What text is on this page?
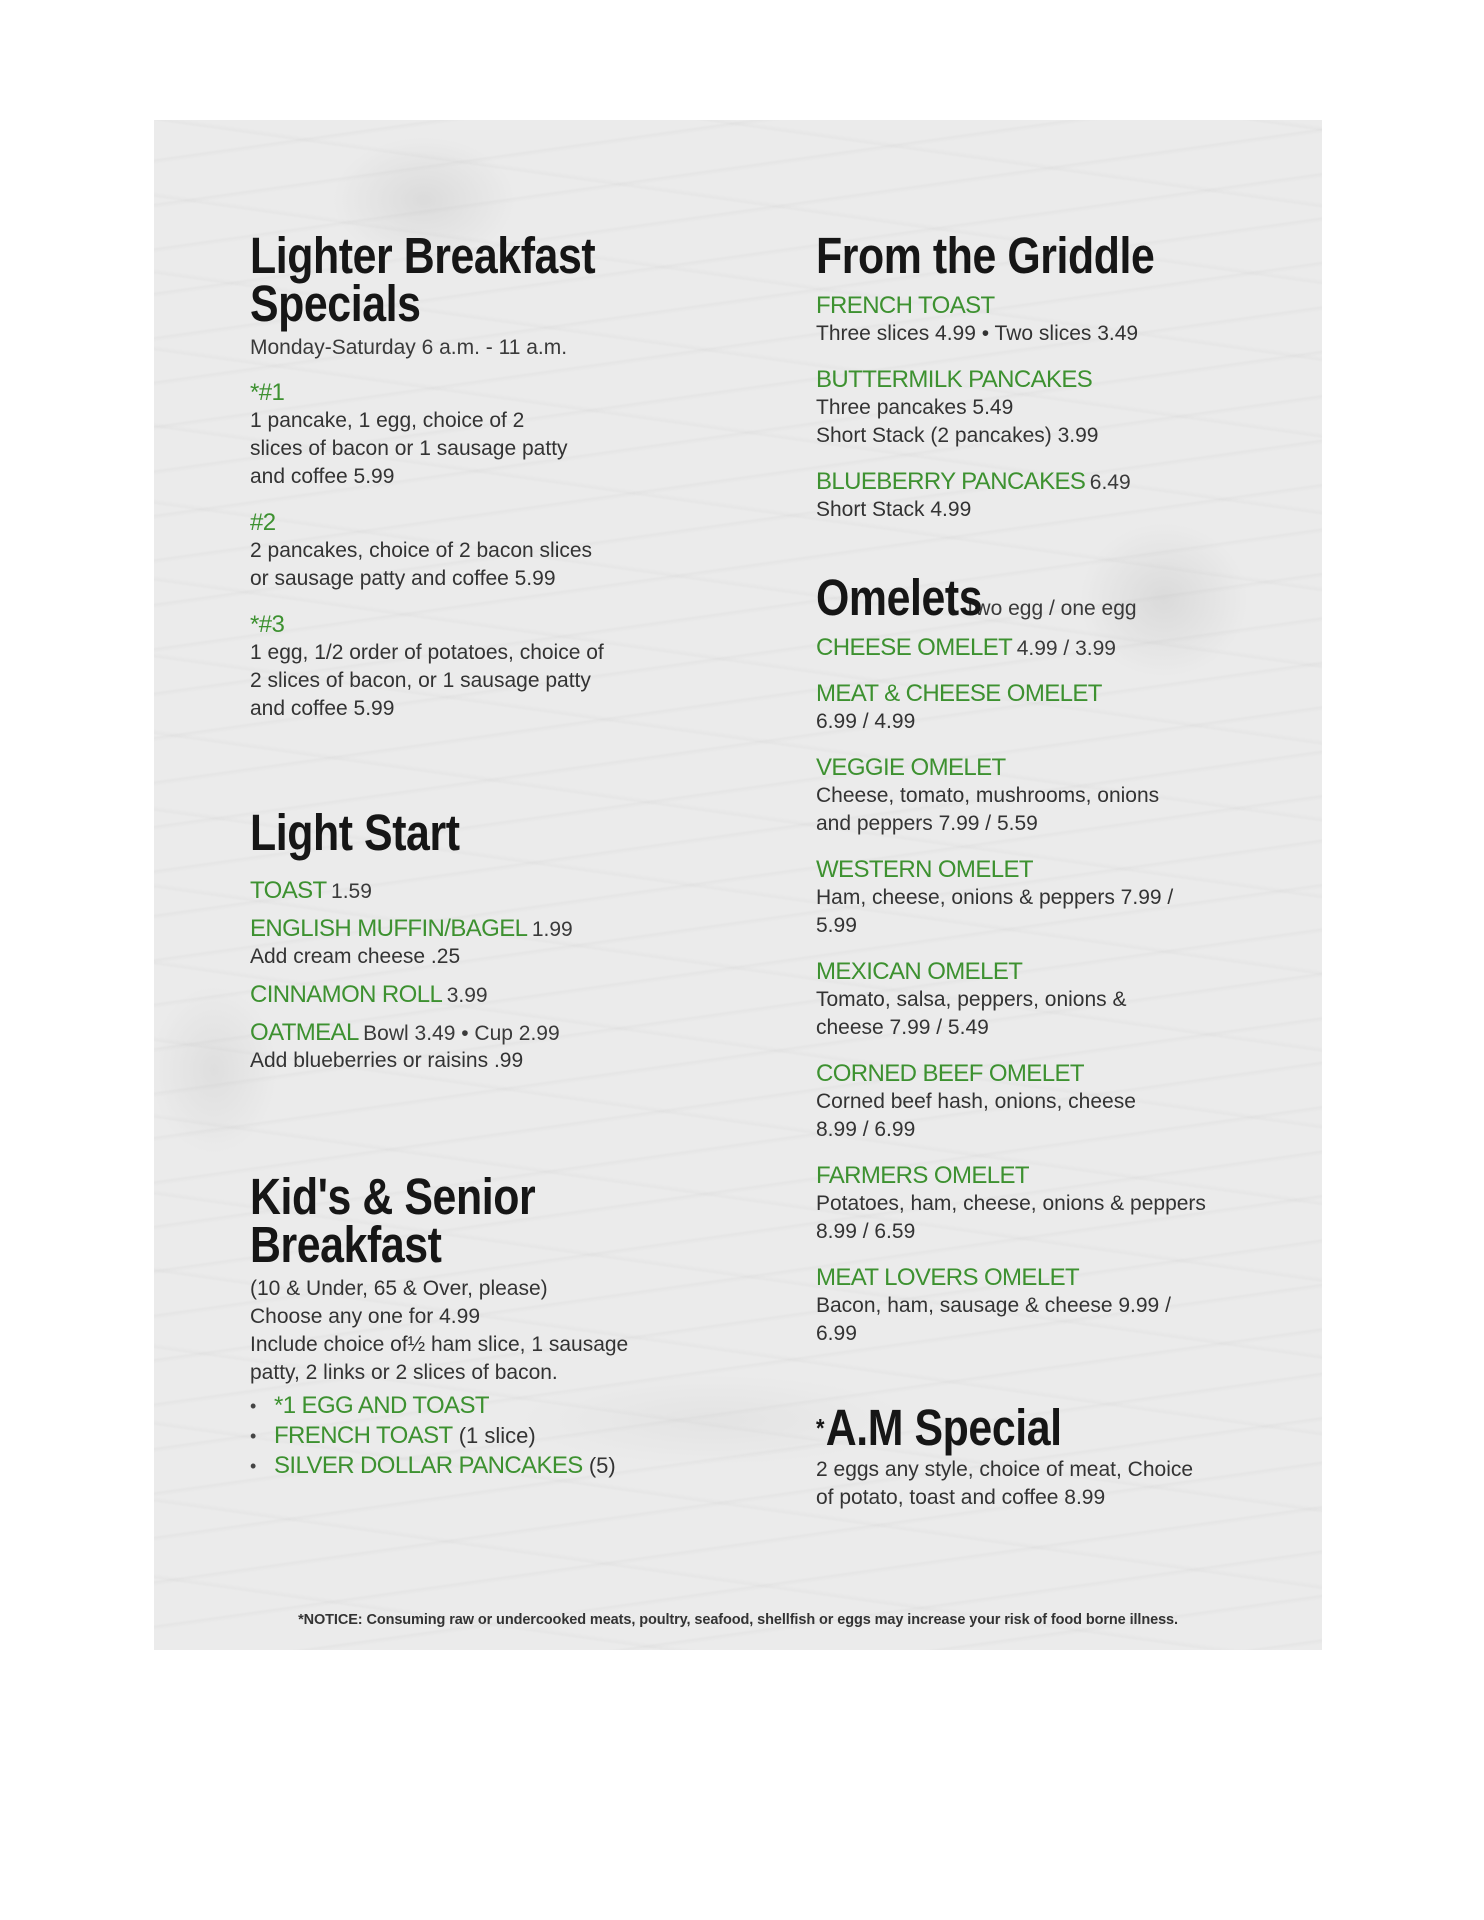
Lighter Breakfast
Specials
Monday-Saturday 6 a.m. - 11 a.m.
*#1
1 pancake, 1 egg, choice of 2 slices of bacon or 1 sausage patty and coffee 5.99
#2
2 pancakes, choice of 2 bacon slices or sausage patty and coffee 5.99
*#3
1 egg, 1/2 order of potatoes, choice of 2 slices of bacon, or 1 sausage patty and coffee 5.99
Light Start
TOAST 1.59
ENGLISH MUFFIN/BAGEL 1.99
Add cream cheese .25
CINNAMON ROLL 3.99
OATMEAL Bowl 3.49 • Cup 2.99
Add blueberries or raisins .99
Kid's & Senior
Breakfast
(10 & Under, 65 & Over, please)
Choose any one for 4.99
Include choice of½ ham slice, 1 sausage patty, 2 links or 2 slices of bacon.
• *1 EGG AND TOAST
• FRENCH TOAST (1 slice)
• SILVER DOLLAR PANCAKES (5)
From the Griddle
FRENCH TOAST
Three slices 4.99 • Two slices 3.49
BUTTERMILK PANCAKES
Three pancakes 5.49
Short Stack (2 pancakes) 3.99
BLUEBERRY PANCAKES 6.49
Short Stack 4.99
Omelets
Two egg / one egg
CHEESE OMELET 4.99 / 3.99
MEAT & CHEESE OMELET
6.99 / 4.99
VEGGIE OMELET
Cheese, tomato, mushrooms, onions and peppers 7.99 / 5.59
WESTERN OMELET
Ham, cheese, onions & peppers 7.99 / 5.99
MEXICAN OMELET
Tomato, salsa, peppers, onions & cheese 7.99 / 5.49
CORNED BEEF OMELET
Corned beef hash, onions, cheese 8.99 / 6.99
FARMERS OMELET
Potatoes, ham, cheese, onions & peppers 8.99 / 6.59
MEAT LOVERS OMELET
Bacon, ham, sausage & cheese 9.99 / 6.99
*A.M Special
2 eggs any style, choice of meat, Choice of potato, toast and coffee 8.99
*NOTICE: Consuming raw or undercooked meats, poultry, seafood, shellfish or eggs may increase your risk of food borne illness.
